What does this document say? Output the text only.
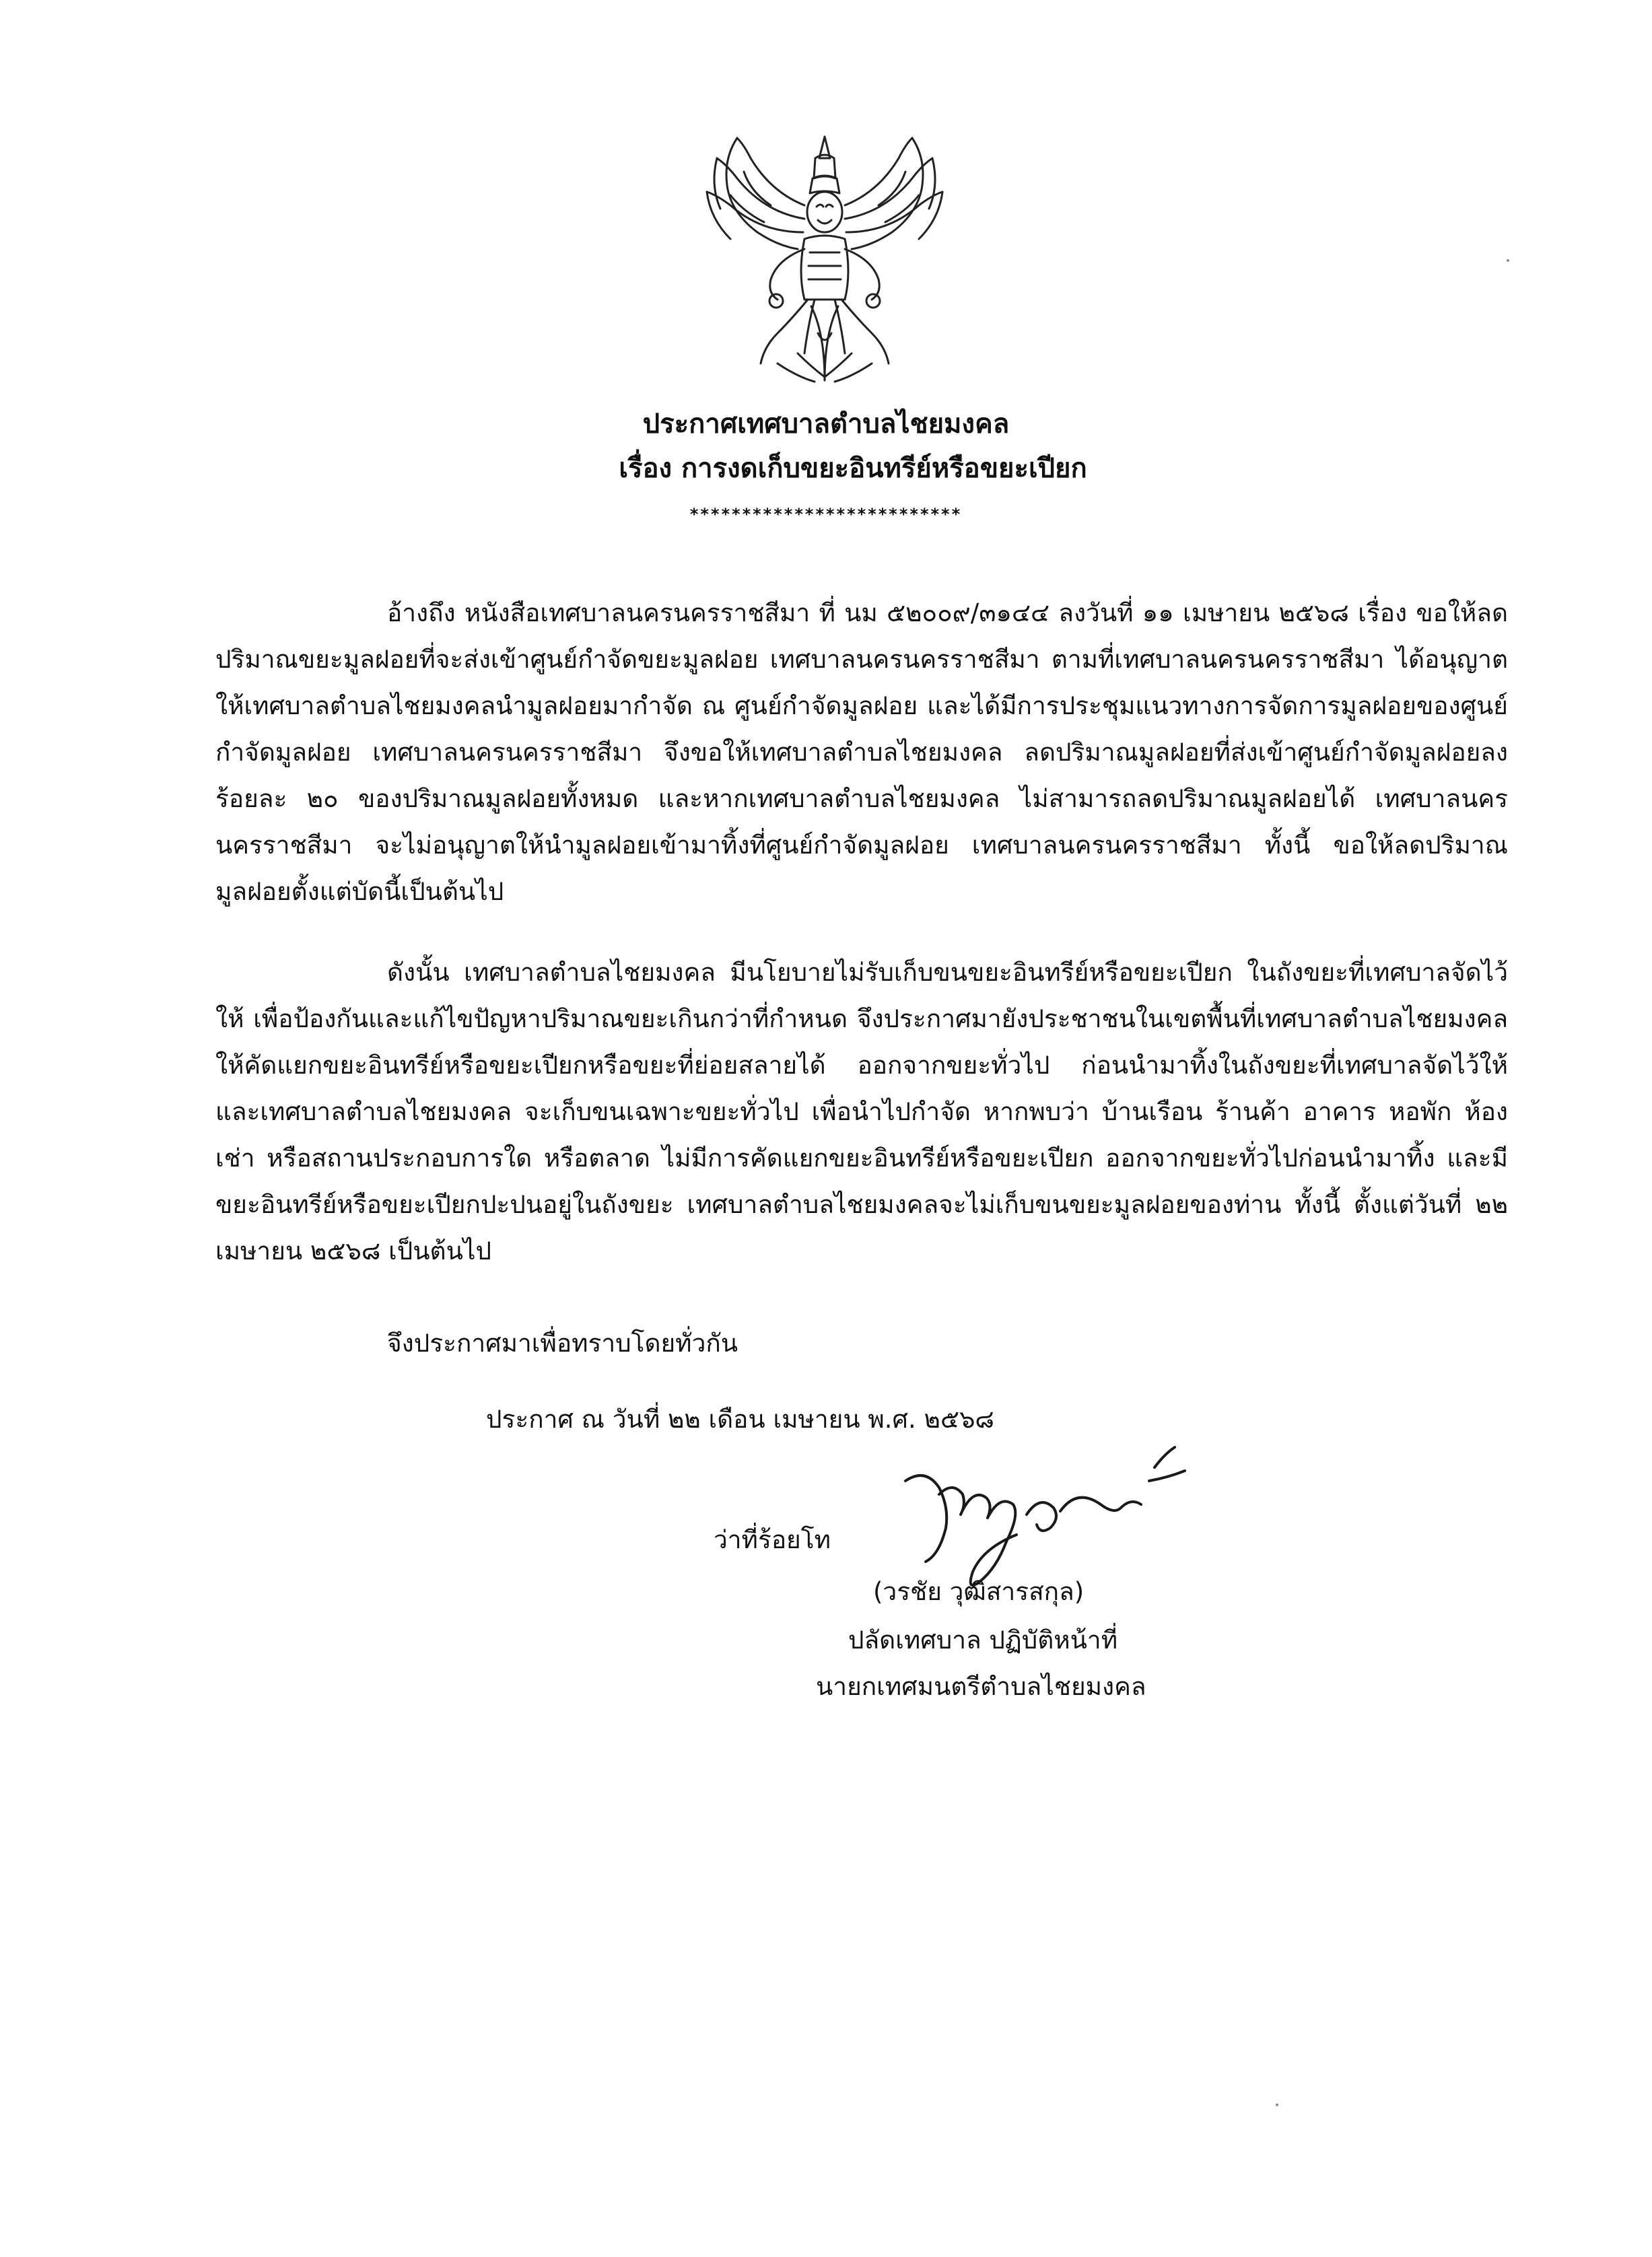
ประกาศเทศบาลตำบลไชยมงคล
เรื่อง การงดเก็บขยะอินทรีย์หรือขยะเปียก
**************************

อ้างถึง หนังสือเทศบาลนครนครราชสีมา ที่ นม ๕๒๐๐๙/๓๑๔๔ ลงวันที่ ๑๑ เมษายน ๒๕๖๘ เรื่อง ขอให้ลดปริมาณขยะมูลฝอยที่จะส่งเข้าศูนย์กำจัดขยะมูลฝอย เทศบาลนครนครราชสีมา ตามที่เทศบาลนครนครราชสีมา ได้อนุญาตให้เทศบาลตำบลไชยมงคลนำมูลฝอยมากำจัด ณ ศูนย์กำจัดมูลฝอย และได้มีการประชุมแนวทางการจัดการมูลฝอยของศูนย์กำจัดมูลฝอย เทศบาลนครนครราชสีมา จึงขอให้เทศบาลตำบลไชยมงคล ลดปริมาณมูลฝอยที่ส่งเข้าศูนย์กำจัดมูลฝอยลงร้อยละ ๒๐ ของปริมาณมูลฝอยทั้งหมด และหากเทศบาลตำบลไชยมงคล ไม่สามารถลดปริมาณมูลฝอยได้ เทศบาลนครนครราชสีมา จะไม่อนุญาตให้นำมูลฝอยเข้ามาทิ้งที่ศูนย์กำจัดมูลฝอย เทศบาลนครนครราชสีมา ทั้งนี้ ขอให้ลดปริมาณมูลฝอยตั้งแต่บัดนี้เป็นต้นไป

ดังนั้น เทศบาลตำบลไชยมงคล มีนโยบายไม่รับเก็บขนขยะอินทรีย์หรือขยะเปียก ในถังขยะที่เทศบาลจัดไว้ให้ เพื่อป้องกันและแก้ไขปัญหาปริมาณขยะเกินกว่าที่กำหนด จึงประกาศมายังประชาชนในเขตพื้นที่เทศบาลตำบลไชยมงคล ให้คัดแยกขยะอินทรีย์หรือขยะเปียกหรือขยะที่ย่อยสลายได้ ออกจากขยะทั่วไป ก่อนนำมาทิ้งในถังขยะที่เทศบาลจัดไว้ให้ และเทศบาลตำบลไชยมงคล จะเก็บขนเฉพาะขยะทั่วไป เพื่อนำไปกำจัด หากพบว่า บ้านเรือน ร้านค้า อาคาร หอพัก ห้องเช่า หรือสถานประกอบการใด หรือตลาด ไม่มีการคัดแยกขยะอินทรีย์หรือขยะเปียก ออกจากขยะทั่วไปก่อนนำมาทิ้ง และมีขยะอินทรีย์หรือขยะเปียกปะปนอยู่ในถังขยะ เทศบาลตำบลไชยมงคลจะไม่เก็บขนขยะมูลฝอยของท่าน ทั้งนี้ ตั้งแต่วันที่ ๒๒ เมษายน ๒๕๖๘ เป็นต้นไป

จึงประกาศมาเพื่อทราบโดยทั่วกัน
ประกาศ ณ วันที่ ๒๒ เดือน เมษายน พ.ศ. ๒๕๖๘
ว่าที่ร้อยโท
(วรชัย วุฒิสารสกุล)
ปลัดเทศบาล ปฏิบัติหน้าที่
นายกเทศมนตรีตำบลไชยมงคล
